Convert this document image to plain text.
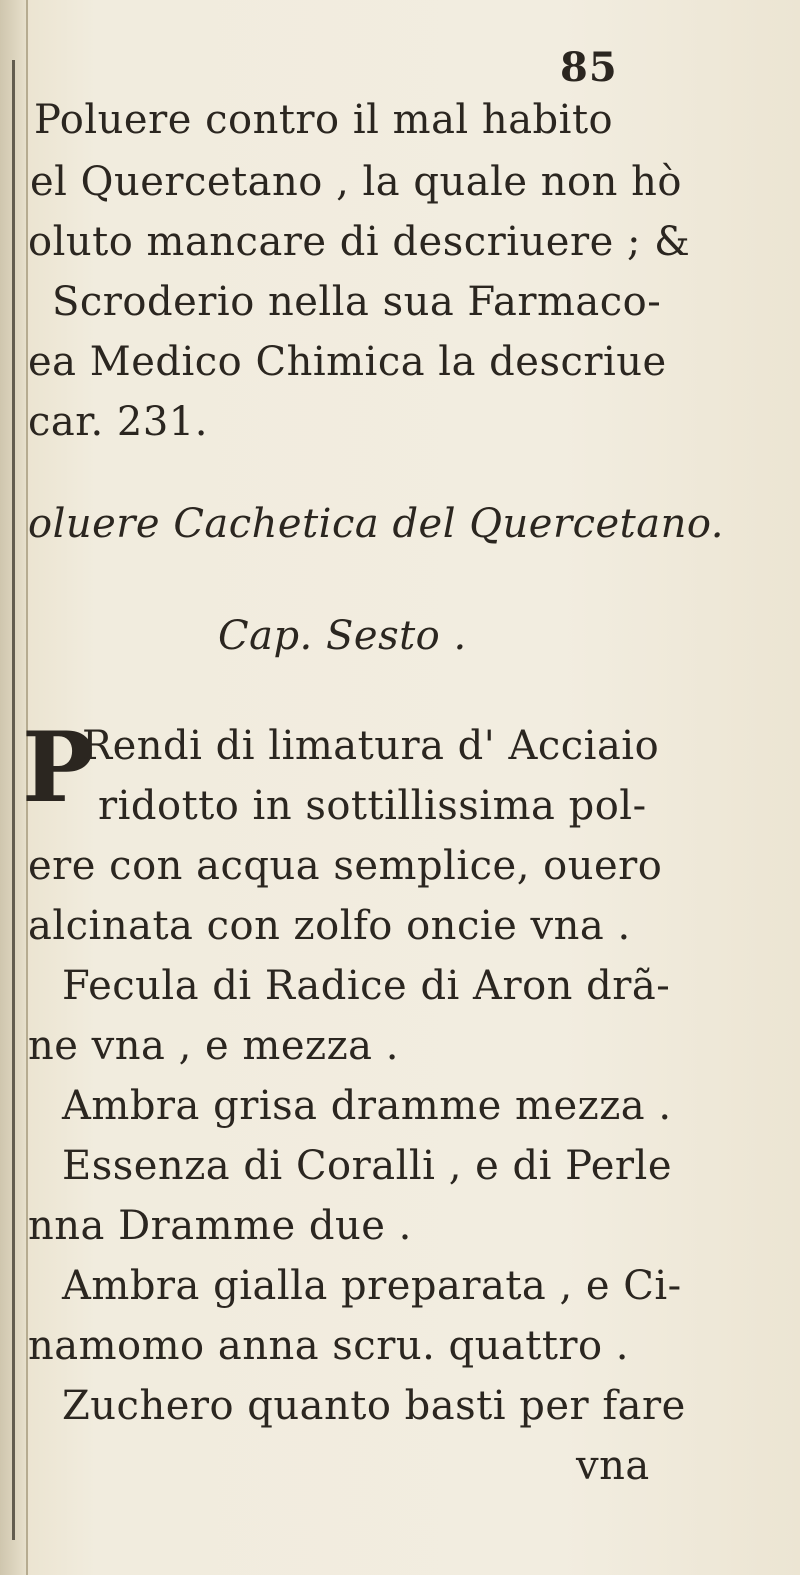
85
Poluere contro il mal habito
el Quercetano , la quale non hò
oluto mancare di descriuere ; &
Scroderio nella sua Farmaco-
ea Medico Chimica la descriue
car. 231.
oluere Cachetica del Quercetano.
Cap. Sesto .
P
Rendi di limatura d' Acciaio
ridotto in sottillissima pol-
ere con acqua semplice, ouero
alcinata con zolfo oncie vna .
Fecula di Radice di Aron drã-
ne vna , e mezza .
Ambra grisa dramme mezza .
Essenza di Coralli , e di Perle
nna Dramme due .
Ambra gialla preparata , e Ci-
namomo anna scru. quattro .
Zuchero quanto basti per fare
vna
